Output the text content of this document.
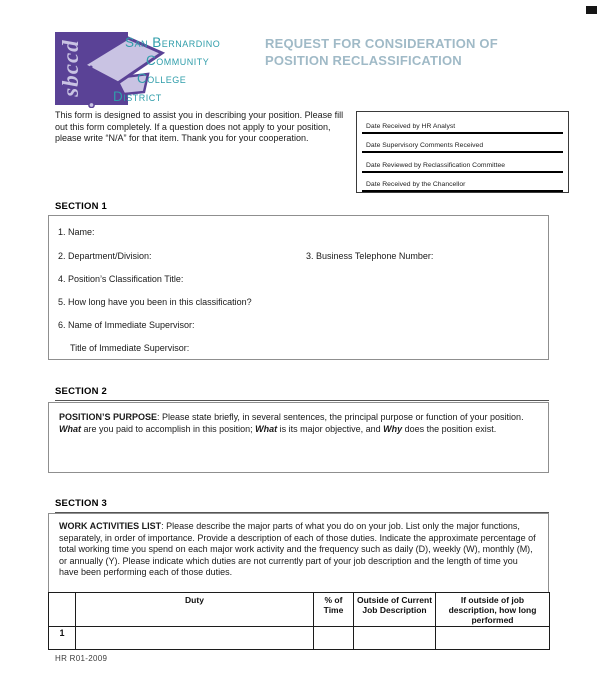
sbccd	San Bernardino
Community
College
District
REQUEST FOR CONSIDERATION OF
POSITION RECLASSIFICATION
This form is designed to assist you in describing your position. Please fill out this form completely. If a question does not apply to your position, please write “N/A” for that item. Thank you for your cooperation.
Date Received by HR Analyst
Date Supervisory Comments Received
Date Reviewed by Reclassification Committee
Date Received by the Chancellor
SECTION 1
1. Name:
2. Department/Division:	3. Business Telephone Number:
4. Position’s Classification Title:
5. How long have you been in this classification?
6. Name of Immediate Supervisor:
Title of Immediate Supervisor:
SECTION 2
POSITION’S PURPOSE: Please state briefly, in several sentences, the principal purpose or function of your position. What are you paid to accomplish in this position; What is its major objective, and Why does the position exist.
SECTION 3
WORK ACTIVITIES LIST: Please describe the major parts of what you do on your job. List only the major functions, separately, in order of importance. Provide a description of each of those duties. Indicate the approximate percentage of total working time you spend on each major work activity and the frequency such as daily (D), weekly (W), monthly (M), or annually (Y). Please indicate which duties are not currently part of your job description and the length of time you have been performing each of those duties.
	Duty	% of Time	Outside of Current Job Description	If outside of job description, how long performed
1				
HR R01-2009
